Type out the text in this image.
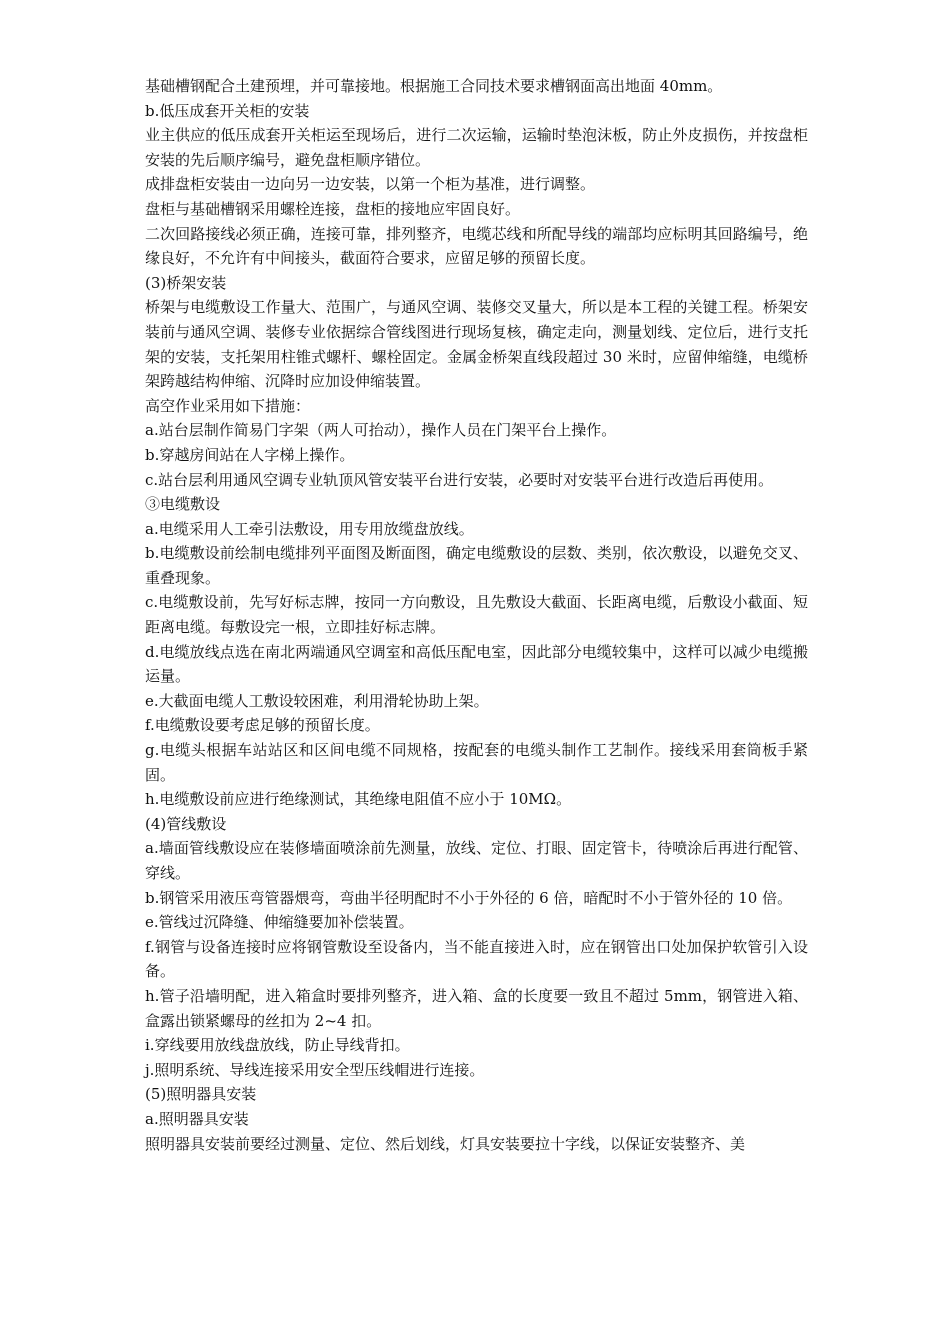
基础槽钢配合土建预埋，并可靠接地。根据施工合同技术要求槽钢面高出地面 40mm。

b.低压成套开关柜的安装

业主供应的低压成套开关柜运至现场后，进行二次运输，运输时垫泡沫板，防止外皮损伤，并按盘柜安装的先后顺序编号，避免盘柜顺序错位。

成排盘柜安装由一边向另一边安装，以第一个柜为基准，进行调整。

盘柜与基础槽钢采用螺栓连接，盘柜的接地应牢固良好。

二次回路接线必须正确，连接可靠，排列整齐，电缆芯线和所配导线的端部均应标明其回路编号，绝缘良好，不允许有中间接头，截面符合要求，应留足够的预留长度。

(3)桥架安装

桥架与电缆敷设工作量大、范围广，与通风空调、装修交叉量大，所以是本工程的关键工程。桥架安装前与通风空调、装修专业依据综合管线图进行现场复核，确定走向，测量划线、定位后，进行支托架的安装，支托架用柱锥式螺杆、螺栓固定。金属金桥架直线段超过 30 米时，应留伸缩缝，电缆桥架跨越结构伸缩、沉降时应加设伸缩装置。

高空作业采用如下措施：

a.站台层制作简易门字架（两人可抬动），操作人员在门架平台上操作。

b.穿越房间站在人字梯上操作。

c.站台层利用通风空调专业轨顶风管安装平台进行安装，必要时对安装平台进行改造后再使用。

③电缆敷设

a.电缆采用人工牵引法敷设，用专用放缆盘放线。

b.电缆敷设前绘制电缆排列平面图及断面图，确定电缆敷设的层数、类别，依次敷设，以避免交叉、重叠现象。

c.电缆敷设前，先写好标志牌，按同一方向敷设，且先敷设大截面、长距离电缆，后敷设小截面、短距离电缆。每敷设完一根，立即挂好标志牌。

d.电缆放线点选在南北两端通风空调室和高低压配电室，因此部分电缆较集中，这样可以减少电缆搬运量。

e.大截面电缆人工敷设较困难，利用滑轮协助上架。

f.电缆敷设要考虑足够的预留长度。

g.电缆头根据车站站区和区间电缆不同规格，按配套的电缆头制作工艺制作。接线采用套筒板手紧固。

h.电缆敷设前应进行绝缘测试，其绝缘电阻值不应小于 10MΩ。

(4)管线敷设

a.墙面管线敷设应在装修墙面喷涂前先测量，放线、定位、打眼、固定管卡，待喷涂后再进行配管、穿线。

b.钢管采用液压弯管器煨弯，弯曲半径明配时不小于外径的 6 倍，暗配时不小于管外径的 10 倍。

e.管线过沉降缝、伸缩缝要加补偿装置。

f.钢管与设备连接时应将钢管敷设至设备内，当不能直接进入时，应在钢管出口处加保护软管引入设备。

h.管子沿墙明配，进入箱盒时要排列整齐，进入箱、盒的长度要一致且不超过 5mm，钢管进入箱、盒露出锁紧螺母的丝扣为 2~4 扣。

i.穿线要用放线盘放线，防止导线背扣。

j.照明系统、导线连接采用安全型压线帽进行连接。

(5)照明器具安装

a.照明器具安装

照明器具安装前要经过测量、定位、然后划线，灯具安装要拉十字线，以保证安装整齐、美
